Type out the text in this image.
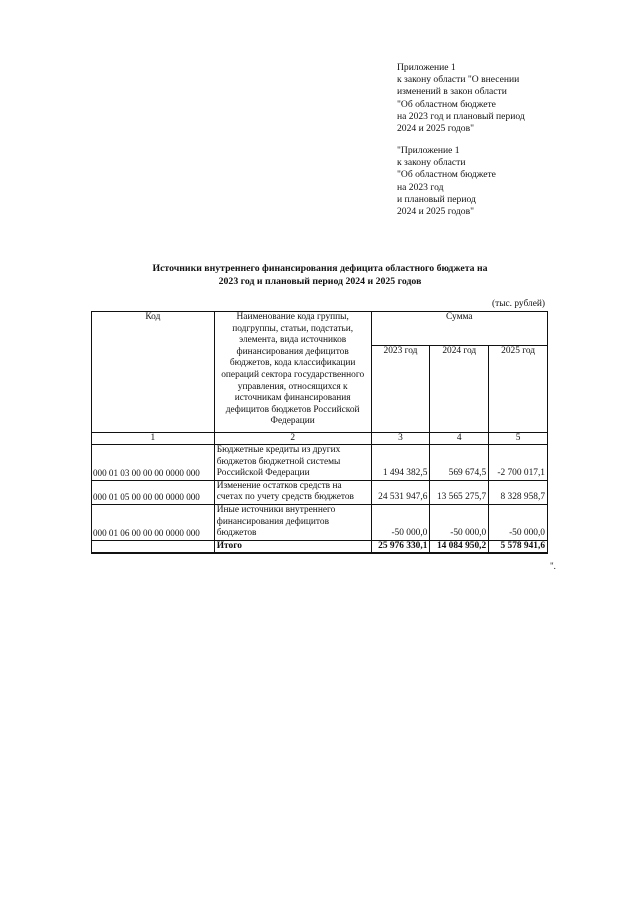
Приложение 1
к закону области "О внесении
изменений в закон области
"Об областном бюджете
на 2023 год и плановый период
2024 и 2025 годов"
"Приложение 1
к закону области
"Об областном бюджете
на 2023 год
и плановый период
2024 и 2025 годов"
Источники внутреннего финансирования дефицита областного бюджета на
2023 год и плановый период 2024 и 2025 годов
(тыс. рублей)
Код	Наименование кода группы, подгруппы, статьи, подстатьи, элемента, вида источников финансирования дефицитов бюджетов, кода классификации операций сектора государственного управления, относящихся к источникам финансирования дефицитов бюджетов Российской Федерации	Сумма		
		2023 год	2024 год	2025 год
1	2	3	4	5
000 01 03 00 00 00 0000 000	Бюджетные кредиты из других бюджетов бюджетной системы Российской Федерации	1 494 382,5	569 674,5	-2 700 017,1
000 01 05 00 00 00 0000 000	Изменение остатков средств на счетах по учету средств бюджетов	24 531 947,6	13 565 275,7	8 328 958,7
000 01 06 00 00 00 0000 000	Иные источники внутреннего финансирования дефицитов бюджетов	-50 000,0	-50 000,0	-50 000,0
	Итого	25 976 330,1	14 084 950,2	5 578 941,6
".
